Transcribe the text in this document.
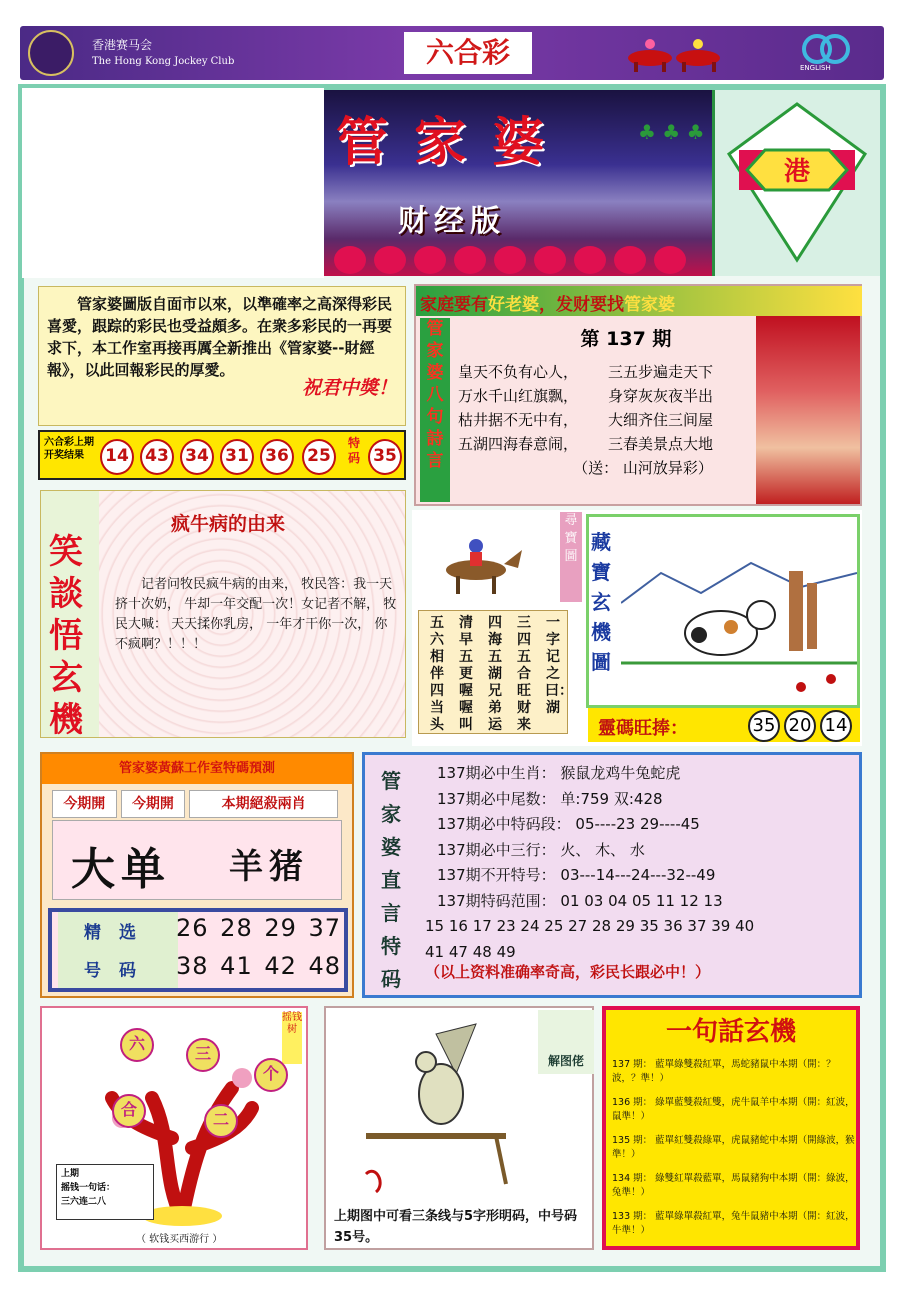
香港赛马会
The Hong Kong Jockey Club	六合彩	ENGLISH
管家婆
财经版
♣ ♣ ♣
港

管家婆圖版自面市以來，以準確率之高深得彩民喜愛，跟踪的彩民也受益頗多。在衆多彩民的一再要求下，本工作室再接再厲全新推出《管家婆--財經報》，以此回報彩民的厚愛。

祝君中獎！

六合彩上期开奖结果	14 43 34 31 36	25
特码 35
家庭要有好老婆，发财要找管家婆
管家婆八句詩言
第 137 期
皇天不负有心人， 三五步遍走天下
万水千山红旗飘， 身穿灰灰夜半出
枯井据不无中有， 大细齐住三间屋
五湖四海春意闹， 三春美景点大地
（送： 山河放异彩）
笑談悟玄機
疯牛病的由来
记者问牧民疯牛病的由来， 牧民答：我一天挤十次奶， 牛却一年交配一次！女记者不解， 牧民大喊： 天天揉你乳房， 一年才干你一次， 你不疯啊？！！！
一字记之曰：湖
三四五合旺财来
四海五湖兄弟运
清早五更喔喔叫
五六相伴四当头
尋寶圖
藏寶玄機圖
靈碼旺捧：	35 20 14
管家婆黃蘇工作室特碼預測
今期開	今期開	本期絕殺兩肖
大单 羊猪
精选
号码
26 28 29 37
38 41 42 48
管家婆直言特码
137期必中生肖： 猴鼠龙鸡牛兔蛇虎
137期必中尾数： 单:759 双:428
137期必中特码段： 05----23 29----45
137期必中三行： 火、 木、 水
137期不开特号： 03---14---24---32--49
137期特码范围： 01 03 04 05 11 12 13
15 16 17 23 24 25 27 28 29 35 36 37 39 40
41 47 48 49
（以上资料准确率奇高，彩民长跟必中！）
摇钱树
六
三
合
二
个
上期
摇钱一句话：
三六连二八
（ 软钱买西游行 ）
解图佬
上期图中可看三条线与5字形明码，中号码35号。
一句話玄機
137 期： 藍單綠雙殺紅單，馬蛇豬鼠中本期（開：？波，？準！）
136 期： 綠單藍雙殺紅雙，虎牛鼠羊中本期（開：紅波，鼠準！）
135 期： 藍單紅雙殺綠單，虎鼠豬蛇中本期（開綠波，猴準！）
134 期： 綠雙紅單殺藍單，馬鼠豬狗中本期（開：綠波，兔準！）
133 期： 藍單綠單殺紅單，兔牛鼠豬中本期（開：紅波，牛準！）
